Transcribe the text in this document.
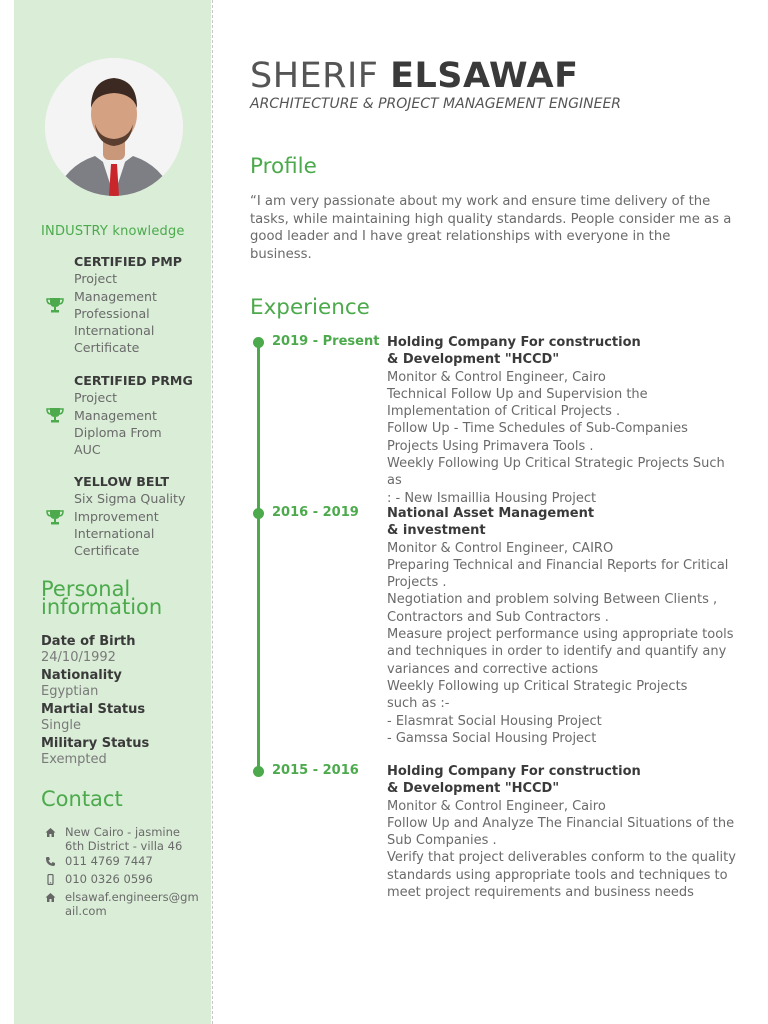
INDUSTRY knowledge
CERTIFIED PMP
Project Management Professional International Certificate
CERTIFIED PRMG
Project Management Diploma From AUC
YELLOW BELT
Six Sigma Quality Improvement International Certificate
Personal
information
Date of Birth
24/10/1992
Nationality
Egyptian
Martial Status
Single
Military Status
Exempted
Contact
New Cairo - jasmine
6th District - villa 46
011 4769 7447
010 0326 0596
elsawaf.engineers@gm
ail.com
SHERIF ELSAWAF
ARCHITECTURE & PROJECT MANAGEMENT ENGINEER
Profile
“I am very passionate about my work and ensure time delivery of the tasks, while maintaining high quality standards. People consider me as a good leader and I have great relationships with everyone in the business.
Experience
2019 - Present Holding Company For construction
& Development "HCCD"
Monitor & Control Engineer, Cairo
Technical Follow Up and Supervision the
Implementation of Critical Projects .
Follow Up - Time Schedules of Sub-Companies
Projects Using Primavera Tools .
Weekly Following Up Critical Strategic Projects Such as
: - New Ismaillia Housing Project
2016 - 2019 National Asset Management
& investment
Monitor & Control Engineer, CAIRO
Preparing Technical and Financial Reports for Critical
Projects .
Negotiation and problem solving Between Clients ,
Contractors and Sub Contractors .
Measure project performance using appropriate tools
and techniques in order to identify and quantify any
variances and corrective actions
Weekly Following up Critical Strategic Projects
such as :-
- Elasmrat Social Housing Project
- Gamssa Social Housing Project
2015 - 2016 Holding Company For construction
& Development "HCCD"
Monitor & Control Engineer, Cairo
Follow Up and Analyze The Financial Situations of the
Sub Companies .
Verify that project deliverables conform to the quality
standards using appropriate tools and techniques to
meet project requirements and business needs
